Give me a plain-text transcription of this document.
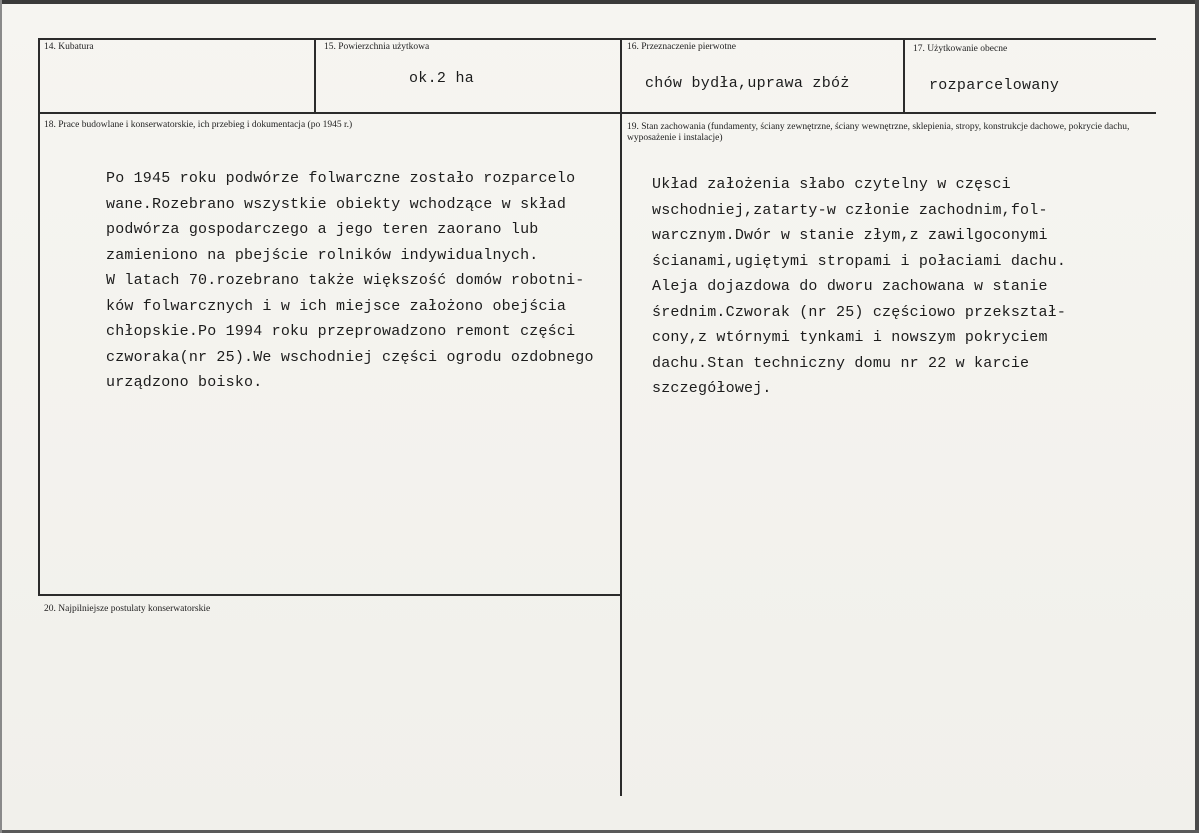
14. Kubatura	15. Powierzchnia użytkowa
ok.2 ha
16. Przeznaczenie pierwotne
chów bydła,uprawa zbóż
17. Użytkowanie obecne
rozparcelowany
18. Prace budowlane i konserwatorskie, ich przebieg i dokumentacja (po 1945 r.)
Po 1945 roku podwórze folwarczne zostało rozparcelo
wane.Rozebrano wszystkie obiekty wchodzące w skład
podwórza gospodarczego a jego teren zaorano lub
zamieniono na pbejście rolników indywidualnych.
W latach 70.rozebrano także większość domów robotni-
ków folwarcznych i w ich miejsce założono obejścia
chłopskie.Po 1994 roku przeprowadzono remont części
czworaka(nr 25).We wschodniej części ogrodu ozdobnego
urządzono boisko.
19. Stan zachowania (fundamenty, ściany zewnętrzne, ściany wewnętrzne, sklepienia, stropy, konstrukcje dachowe, pokrycie dachu, wyposażenie i instalacje)
Układ założenia słabo czytelny w częsci
wschodniej,zatarty-w członie zachodnim,fol-
warcznym.Dwór w stanie złym,z zawilgoconymi
ścianami,ugiętymi stropami i połaciami dachu.
Aleja dojazdowa do dworu zachowana w stanie
średnim.Czworak (nr 25) częściowo przekształ-
cony,z wtórnymi tynkami i nowszym pokryciem
dachu.Stan techniczny domu nr 22 w karcie
szczegółowej.
20. Najpilniejsze postulaty konserwatorskie
